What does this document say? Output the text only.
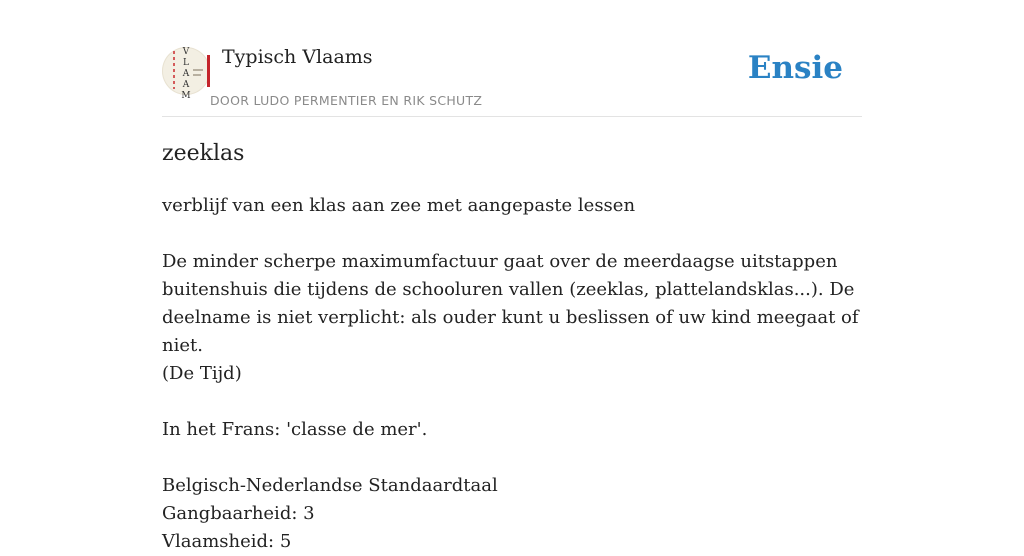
V
L
A
A
M
Typisch Vlaams
DOOR LUDO PERMENTIER EN RIK SCHUTZ
Ensie
zeeklas

verblijf van een klas aan zee met aangepaste lessen

De minder scherpe maximumfactuur gaat over de meerdaagse uitstappen

buitenshuis die tijdens de schooluren vallen (zeeklas, plattelandsklas...). De

deelname is niet verplicht: als ouder kunt u beslissen of uw kind meegaat of niet.

(De Tijd)

In het Frans: 'classe de mer'.

Belgisch-Nederlandse Standaardtaal

Gangbaarheid: 3

Vlaamsheid: 5
